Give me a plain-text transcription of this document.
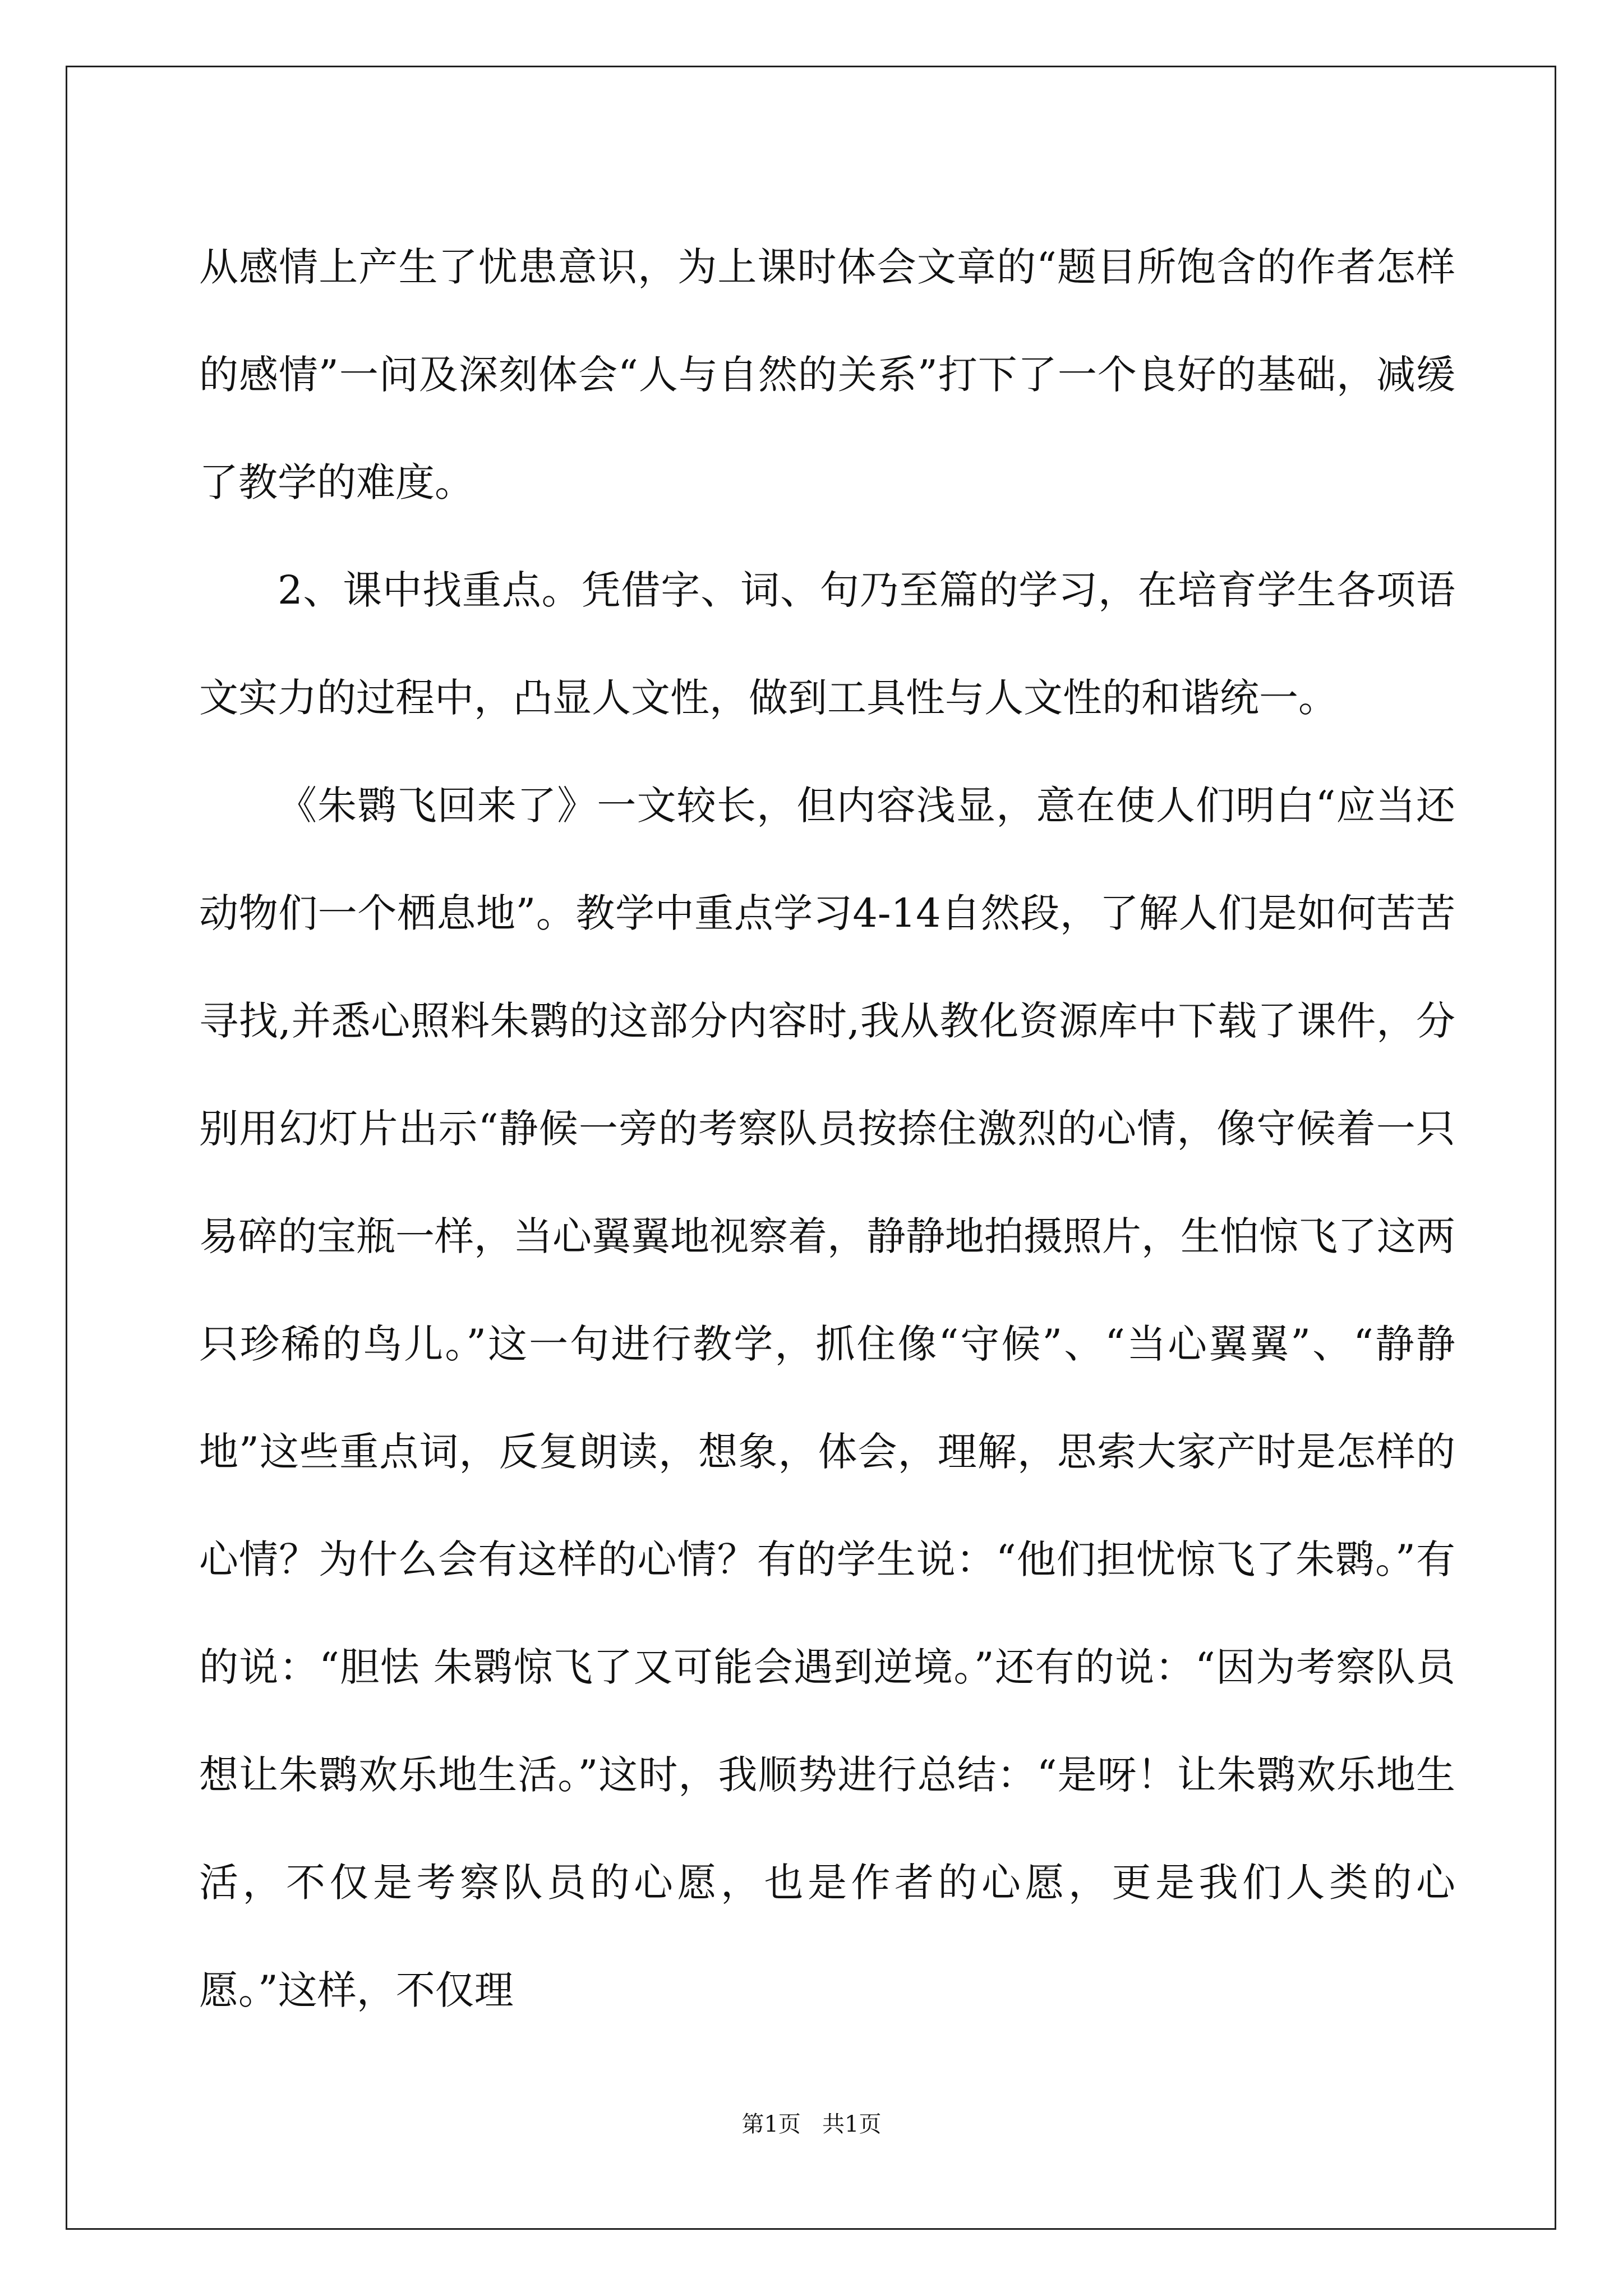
从感情上产生了忧患意识，为上课时体会文章的“题目所饱含的作者怎样的感情”一问及深刻体会“人与自然的关系”打下了一个良好的基础，减缓了教学的难度。

2、课中找重点。凭借字、词、句乃至篇的学习，在培育学生各项语文实力的过程中，凸显人文性，做到工具性与人文性的和谐统一。

《朱鹮飞回来了》一文较长，但内容浅显，意在使人们明白“应当还动物们一个栖息地”。教学中重点学习4-14自然段，了解人们是如何苦苦寻找,并悉心照料朱鹮的这部分内容时,我从教化资源库中下载了课件，分别用幻灯片出示“静候一旁的考察队员按捺住激烈的心情，像守候着一只易碎的宝瓶一样，当心翼翼地视察着，静静地拍摄照片，生怕惊飞了这两只珍稀的鸟儿。”这一句进行教学，抓住像“守候”、“当心翼翼”、“静静地”这些重点词，反复朗读，想象，体会，理解，思索大家产时是怎样的心情？为什么会有这样的心情？有的学生说：“他们担忧惊飞了朱鹮。”有的说：“胆怯 朱鹮惊飞了又可能会遇到逆境。”还有的说：“因为考察队员想让朱鹮欢乐地生活。”这时，我顺势进行总结：“是呀！让朱鹮欢乐地生活，不仅是考察队员的心愿，也是作者的心愿，更是我们人类的心愿。”这样，不仅理

第1页   共1页
